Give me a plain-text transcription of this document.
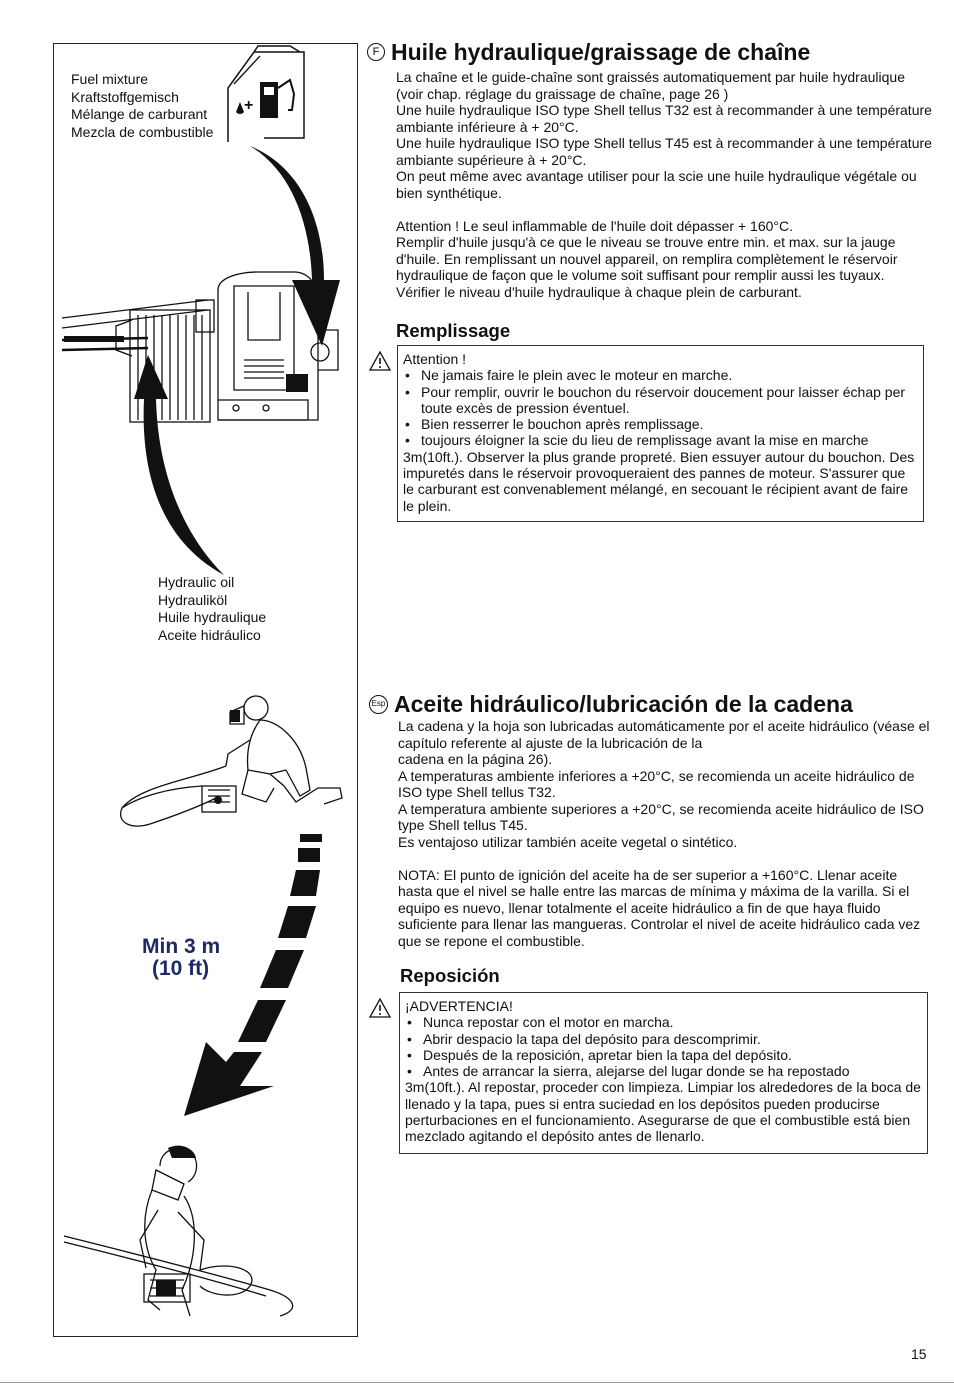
Fuel mixture
Kraftstoffgemisch
Mélange de carburant
Mezcla de combustible
+
Hydraulic oil
Hydrauliköl
Huile hydraulique
Aceite hidráulico
Min 3 m
(10 ft)
F Huile hydraulique/graissage de chaîne

La chaîne et le guide-chaîne sont graissés automatiquement par huile hydraulique (voir chap. réglage du graissage de chaîne, page 26 )

Une huile hydraulique ISO type Shell tellus T32 est à recommander à une température ambiante inférieure à + 20°C.

Une huile hydraulique ISO type Shell tellus T45 est à recommander à une température ambiante supérieure à + 20°C.

On peut même avec avantage utiliser pour la scie une huile hydraulique végétale ou bien synthétique.

Attention ! Le seul inflammable de l'huile doit dépasser + 160°C.

Remplir d'huile jusqu'à ce que le niveau se trouve entre min. et max. sur la jauge d'huile. En remplissant un nouvel appareil, on remplira complètement le réservoir hydraulique de façon que le volume soit suffisant pour remplir aussi les tuyaux. Vérifier le niveau d'huile hydraulique à chaque plein de carburant.

Remplissage
Attention !
• Ne jamais faire le plein avec le moteur en marche.
• Pour remplir, ouvrir le bouchon du réservoir doucement pour laisser échap per toute excès de pression éventuel.
• Bien resserrer le bouchon après remplissage.
• toujours éloigner la scie du lieu de remplissage avant la mise en marche
3m(10ft.). Observer la plus grande propreté. Bien essuyer autour du bouchon. Des impuretés dans le réservoir provoqueraient des pannes de moteur. S'assurer que le carburant est convenablement mélangé, en secouant le récipient avant de faire le plein.
Esp Aceite hidráulico/lubricación de la cadena

La cadena y la hoja son lubricadas automáticamente por el aceite hidráulico (véase el capítulo referente al ajuste de la lubricación de la

cadena en la página 26).

A temperaturas ambiente inferiores a +20°C, se recomienda un aceite hidráulico de ISO type Shell tellus T32.

A temperatura ambiente superiores a +20°C, se recomienda aceite hidráulico de ISO type Shell tellus T45.

Es ventajoso utilizar también aceite vegetal o sintético.

NOTA: El punto de ignición del aceite ha de ser superior a +160°C. Llenar aceite hasta que el nivel se halle entre las marcas de mínima y máxima de la varilla. Si el equipo es nuevo, llenar totalmente el aceite hidráulico a fin de que haya fluido suficiente para llenar las mangueras. Controlar el nivel de aceite hidráulico cada vez que se repone el combustible.

Reposición
¡ADVERTENCIA!
• Nunca repostar con el motor en marcha.
• Abrir despacio la tapa del depósito para descomprimir.
• Después de la reposición, apretar bien la tapa del depósito.
• Antes de arrancar la sierra, alejarse del lugar donde se ha repostado
3m(10ft.). Al repostar, proceder con limpieza. Limpiar los alrededores de la boca de llenado y la tapa, pues si entra suciedad en los depósitos pueden producirse perturbaciones en el funcionamiento. Asegurarse de que el combustible está bien mezclado agitando el depósito antes de llenarlo.
15
